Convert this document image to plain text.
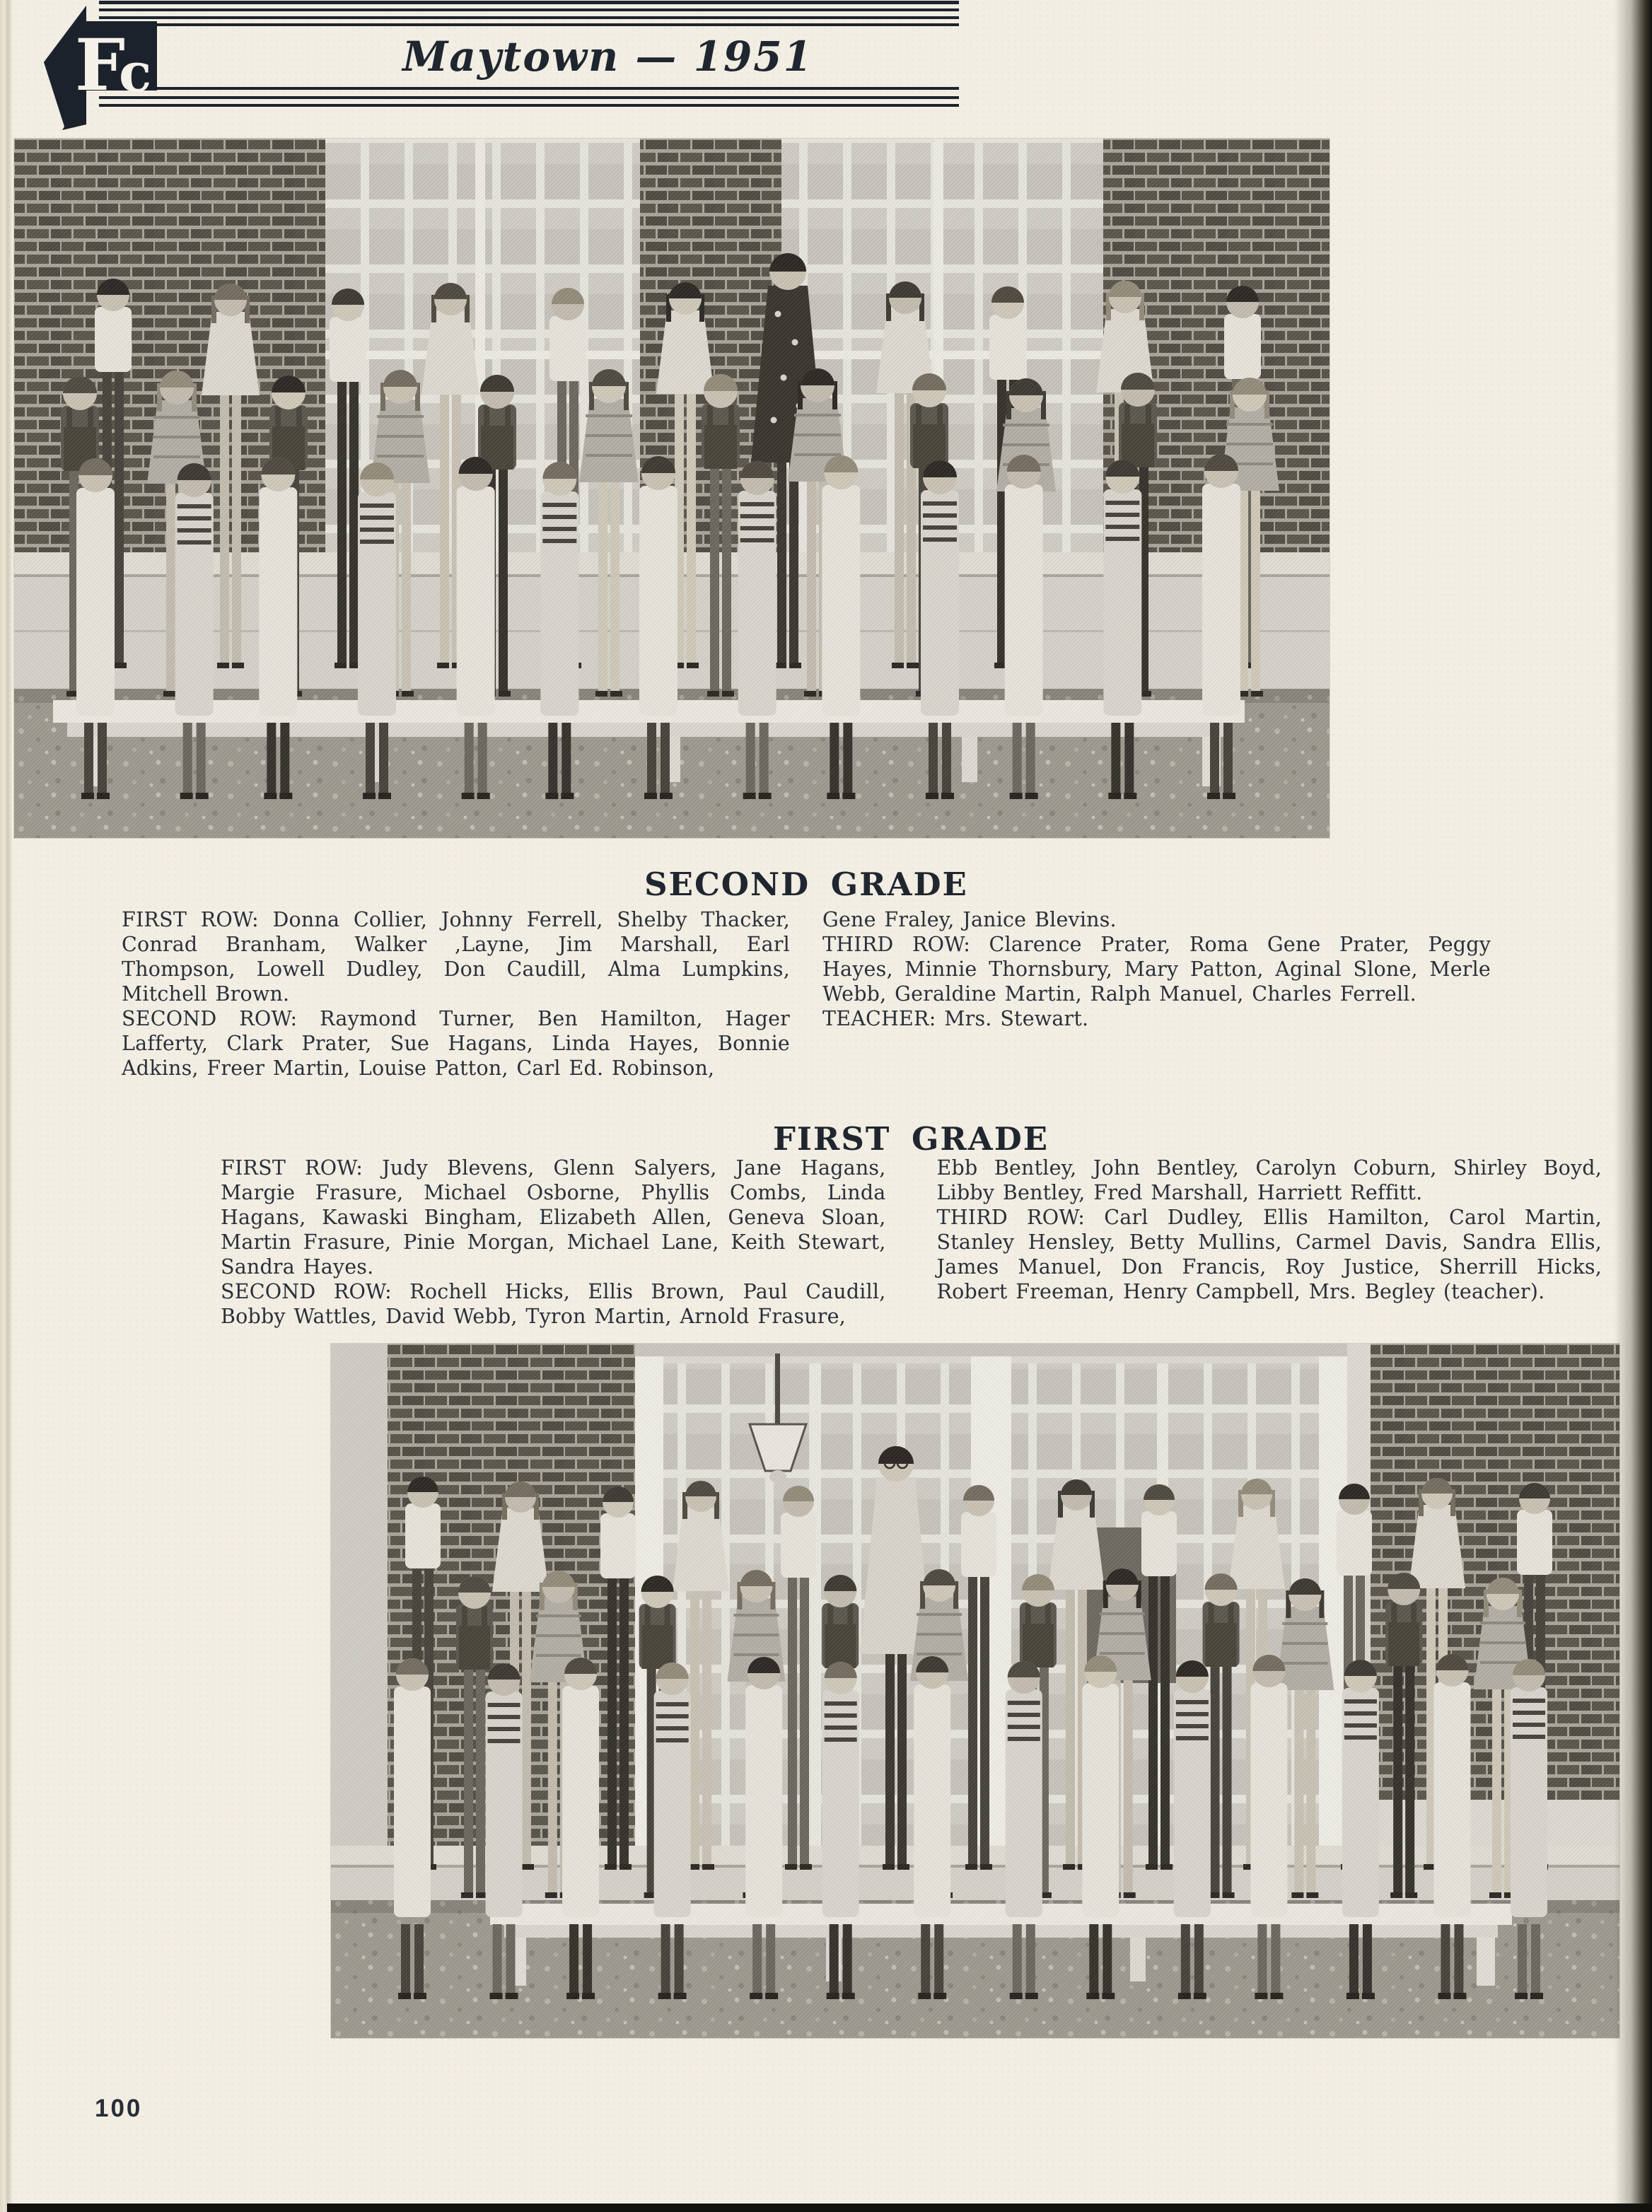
F
c	Maytown — 1951
SECOND GRADE

FIRST ROW: Donna Collier, Johnny Ferrell, Shelby Thacker, Conrad Branham, Walker ,Layne, Jim Marshall, Earl Thompson, Lowell Dudley, Don Caudill, Alma Lumpkins, Mitchell Brown.

SECOND ROW: Raymond Turner, Ben Hamilton, Hager Lafferty, Clark Prater, Sue Hagans, Linda Hayes, Bonnie Adkins, Freer Martin, Louise Patton, Carl Ed. Robinson,

Gene Fraley, Janice Blevins.

THIRD ROW: Clarence Prater, Roma Gene Prater, Peggy Hayes, Minnie Thornsbury, Mary Patton, Aginal Slone, Merle Webb, Geraldine Martin, Ralph Manuel, Charles Ferrell.

TEACHER: Mrs. Stewart.

FIRST GRADE

FIRST ROW: Judy Blevens, Glenn Salyers, Jane Hagans, Margie Frasure, Michael Osborne, Phyllis Combs, Linda Hagans, Kawaski Bingham, Elizabeth Allen, Geneva Sloan, Martin Frasure, Pinie Morgan, Michael Lane, Keith Stewart, Sandra Hayes.

SECOND ROW: Rochell Hicks, Ellis Brown, Paul Caudill, Bobby Wattles, David Webb, Tyron Martin, Arnold Frasure,

Ebb Bentley, John Bentley, Carolyn Coburn, Shirley Boyd, Libby Bentley, Fred Marshall, Harriett Reffitt.

THIRD ROW: Carl Dudley, Ellis Hamilton, Carol Martin, Stanley Hensley, Betty Mullins, Carmel Davis, Sandra Ellis, James Manuel, Don Francis, Roy Justice, Sherrill Hicks, Robert Freeman, Henry Campbell, Mrs. Begley (teacher).

100
